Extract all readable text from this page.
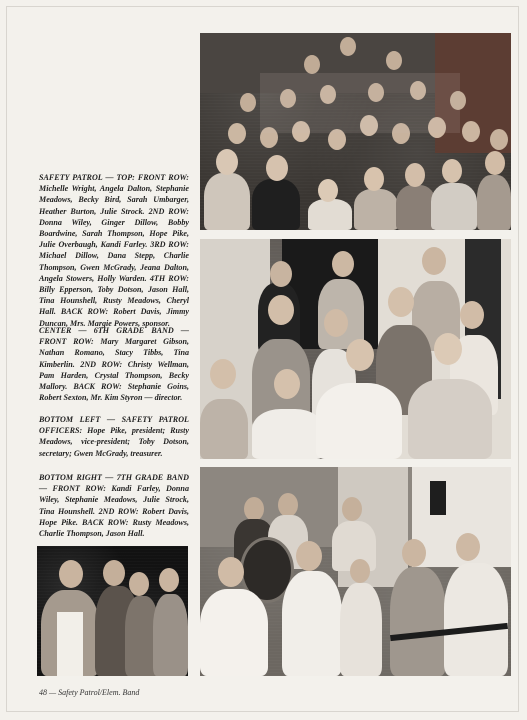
SAFETY PATROL — TOP: FRONT ROW: Michelle Wright, Angela Dalton, Stephanie Meadows, Becky Bird, Sarah Umbarger, Heather Burton, Julie Strock. 2ND ROW: Donna Wiley, Ginger Dillow, Bobby Boardwine, Sarah Thompson, Hope Pike, Julie Overbaugh, Kandi Farley. 3RD ROW: Michael Dillow, Dana Stepp, Charlie Thompson, Gwen McGrady, Jeana Dalton, Angela Stowers, Holly Warden. 4TH ROW: Billy Epperson, Toby Dotson, Jason Hall, Tina Hounshell, Rusty Meadows, Cheryl Hall. BACK ROW: Robert Davis, Jimmy Duncan, Mrs. Margie Powers, sponsor.
CENTER — 6TH GRADE BAND — FRONT ROW: Mary Margaret Gibson, Nathan Romano, Stacy Tibbs, Tina Kimberlin. 2ND ROW: Christy Wellman, Pam Harden, Crystal Thompson, Becky Mallory. BACK ROW: Stephanie Goins, Robert Sexton, Mr. Kim Styron — director.
BOTTOM LEFT — SAFETY PATROL OFFICERS: Hope Pike, president; Rusty Meadows, vice-president; Toby Dotson, secretary; Gwen McGrady, treasurer.
BOTTOM RIGHT — 7TH GRADE BAND — FRONT ROW: Kandi Farley, Donna Wiley, Stephanie Meadows, Julie Strock, Tina Hounshell. 2ND ROW: Robert Davis, Hope Pike. BACK ROW: Rusty Meadows, Charlie Thompson, Jason Hall.
48 — Safety Patrol/Elem. Band
